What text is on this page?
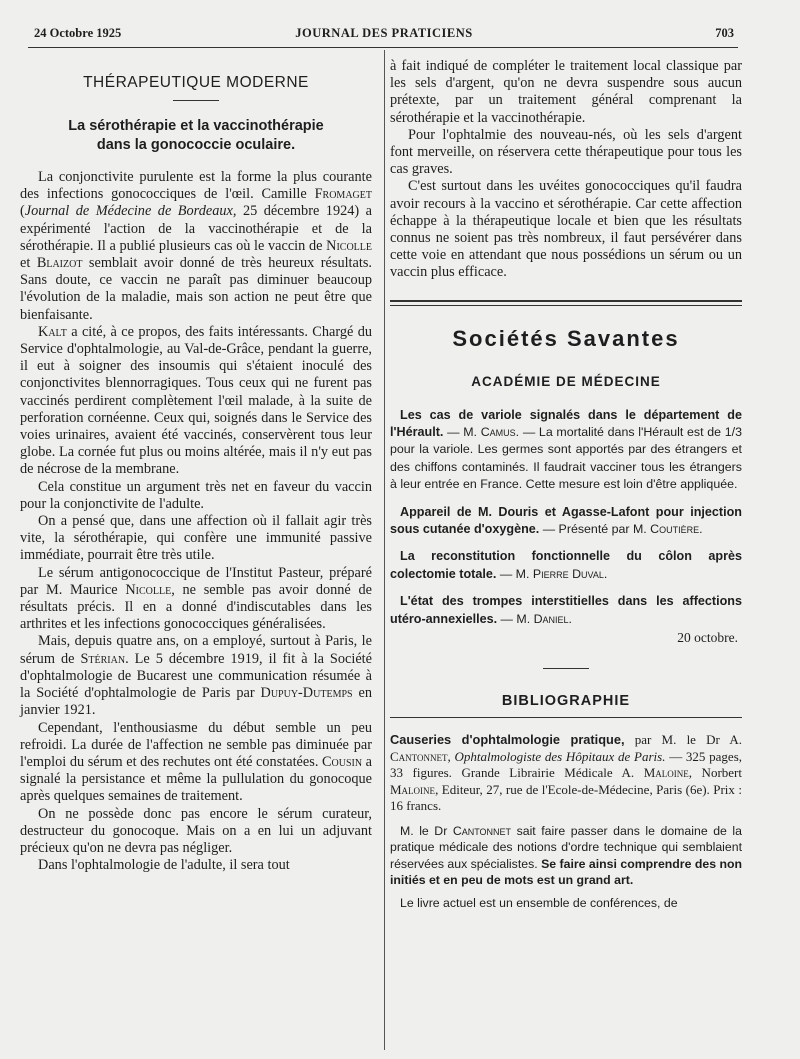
24 Octobre 1925	JOURNAL DES PRATICIENS	703
THÉRAPEUTIQUE MODERNE
La sérothérapie et la vaccinothérapie
dans la gonococcie oculaire.

La conjonctivite purulente est la forme la plus courante des infections gonococciques de l'œil. Camille Fromaget (Journal de Médecine de Bordeaux, 25 décembre 1924) a expérimenté l'action de la vaccinothérapie et de la sérothérapie. Il a publié plusieurs cas où le vaccin de Nicolle et Blaizot semblait avoir donné de très heureux résultats. Sans doute, ce vaccin ne paraît pas diminuer beaucoup l'évolution de la maladie, mais son action ne peut être que bienfaisante.

Kalt a cité, à ce propos, des faits intéressants. Chargé du Service d'ophtalmologie, au Val-de-Grâce, pendant la guerre, il eut à soigner des insoumis qui s'étaient inoculé des conjonctivites blennorragiques. Tous ceux qui ne furent pas vaccinés perdirent complètement l'œil malade, à la suite de perforation cornéenne. Ceux qui, soignés dans le Service des voies urinaires, avaient été vaccinés, conservèrent tous leur globe. La cornée fut plus ou moins altérée, mais il n'y eut pas de nécrose de la membrane.

Cela constitue un argument très net en faveur du vaccin pour la conjonctivite de l'adulte.

On a pensé que, dans une affection où il fallait agir très vite, la sérothérapie, qui confère une immunité passive immédiate, pourrait être très utile.

Le sérum antigonococcique de l'Institut Pasteur, préparé par M. Maurice Nicolle, ne semble pas avoir donné de résultats précis. Il en a donné d'indiscutables dans les arthrites et les infections gonococciques généralisées.

Mais, depuis quatre ans, on a employé, surtout à Paris, le sérum de Stérian. Le 5 décembre 1919, il fit à la Société d'ophtalmologie de Bucarest une communication résumée à la Société d'ophtalmologie de Paris par Dupuy-Dutemps en janvier 1921.

Cependant, l'enthousiasme du début semble un peu refroidi. La durée de l'affection ne semble pas diminuée par l'emploi du sérum et des rechutes ont été constatées. Cousin a signalé la persistance et même la pullulation du gonocoque après quelques semaines de traitement.

On ne possède donc pas encore le sérum curateur, destructeur du gonocoque. Mais on a en lui un adjuvant précieux qu'on ne devra pas négliger.

Dans l'ophtalmologie de l'adulte, il sera tout

à fait indiqué de compléter le traitement local classique par les sels d'argent, qu'on ne devra suspendre sous aucun prétexte, par un traitement général comprenant la sérothérapie et la vaccinothérapie.

Pour l'ophtalmie des nouveau-nés, où les sels d'argent font merveille, on réservera cette thérapeutique pour tous les cas graves.

C'est surtout dans les uvéites gonococciques qu'il faudra avoir recours à la vaccino et sérothérapie. Car cette affection échappe à la thérapeutique locale et bien que les résultats connus ne soient pas très nombreux, il faut persévérer dans cette voie en attendant que nous possédions un sérum ou un vaccin plus efficace.

Sociétés Savantes
ACADÉMIE DE MÉDECINE

Les cas de variole signalés dans le département de l'Hérault. — M. Camus. — La mortalité dans l'Hérault est de 1/3 pour la variole. Les germes sont apportés par des étrangers et des chiffons contaminés. Il faudrait vacciner tous les étrangers à leur entrée en France. Cette mesure est loin d'être appliquée.

Appareil de M. Douris et Agasse-Lafont pour injection sous cutanée d'oxygène. — Présenté par M. Coutière.

La reconstitution fonctionnelle du côlon après colectomie totale. — M. Pierre Duval.

L'état des trompes interstitielles dans les affections utéro-annexielles. — M. Daniel.

20 octobre.
BIBLIOGRAPHIE

Causeries d'ophtalmologie pratique, par M. le Dr A. Cantonnet, Ophtalmologiste des Hôpitaux de Paris. — 325 pages, 33 figures. Grande Librairie Médicale A. Maloine, Norbert Maloine, Editeur, 27, rue de l'Ecole-de-Médecine, Paris (6e). Prix : 16 francs.

M. le Dr Cantonnet sait faire passer dans le domaine de la pratique médicale des notions d'ordre technique qui semblaient réservées aux spécialistes. Se faire ainsi comprendre des non initiés et en peu de mots est un grand art.

Le livre actuel est un ensemble de conférences, de
